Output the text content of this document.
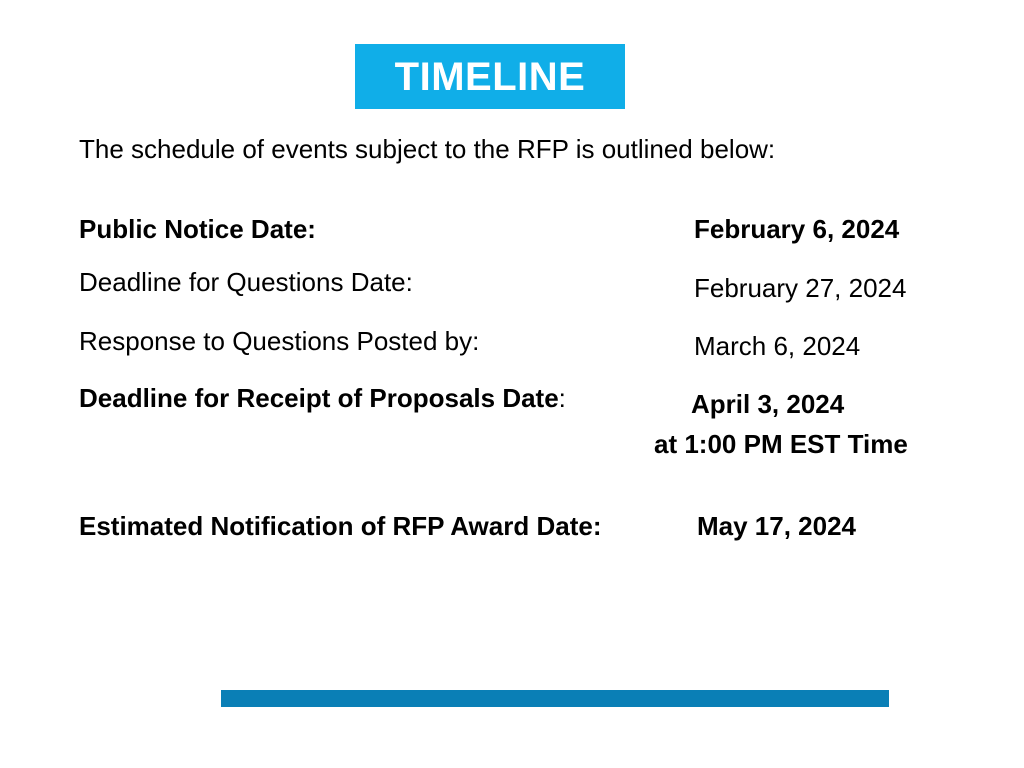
TIMELINE
The schedule of events subject to the RFP is outlined below:
Public Notice Date:	February 6, 2024
Deadline for Questions Date:	February 27, 2024
Response to Questions Posted by:	March 6, 2024
Deadline for Receipt of Proposals Date:	April 3, 2024
at 1:00 PM EST Time
Estimated Notification of RFP Award Date:	May 17, 2024
